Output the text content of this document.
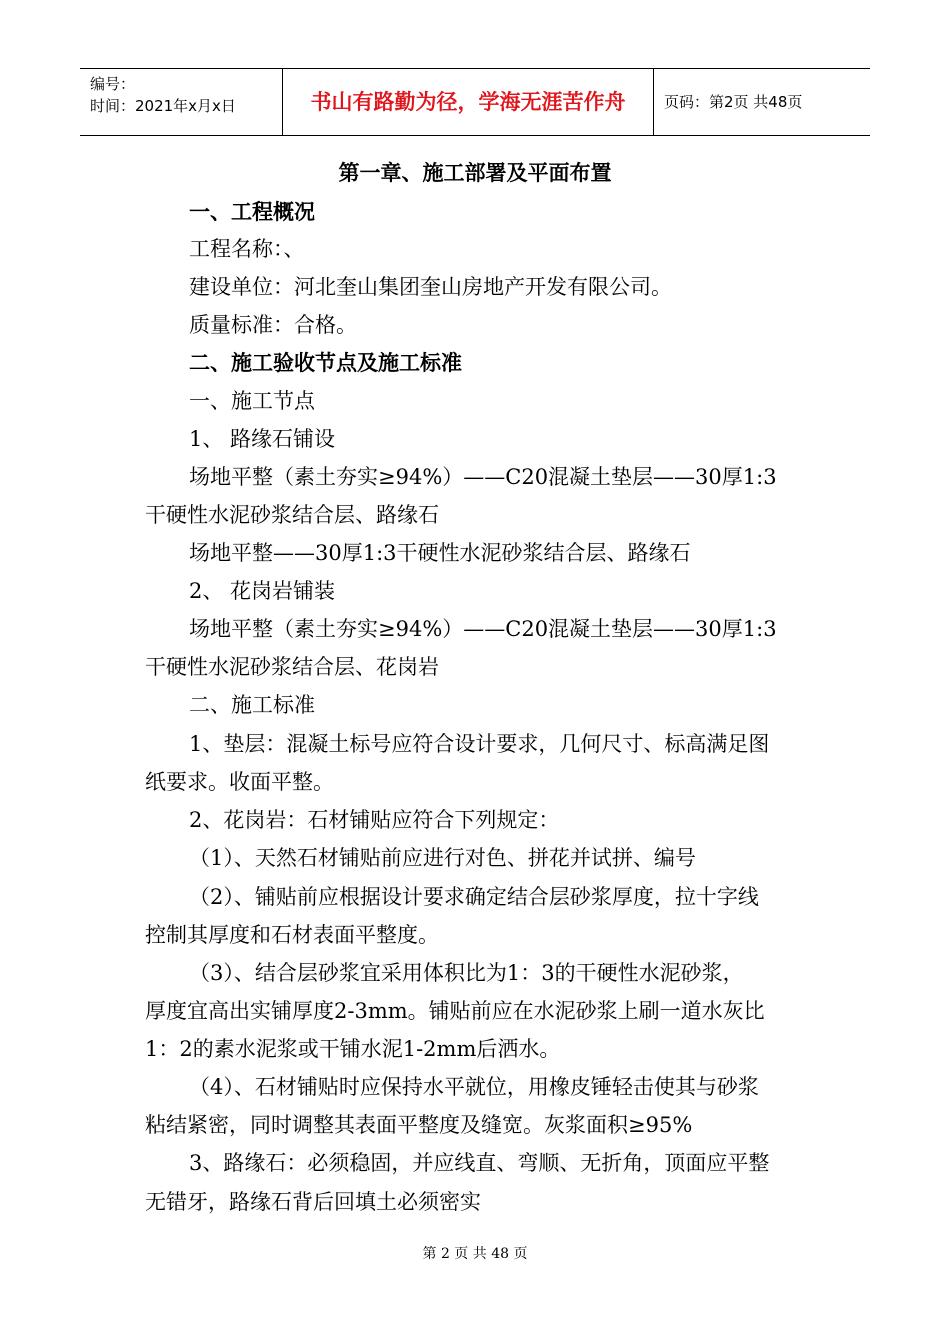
编号：
时间：2021年x月x日	书山有路勤为径，学海无涯苦作舟	页码：第2页 共48页
第一章、施工部署及平面布置
一、工程概况
工程名称：、
建设单位：河北奎山集团奎山房地产开发有限公司。
质量标准：合格。
二、施工验收节点及施工标准
一、施工节点
1、 路缘石铺设
场地平整（素土夯实≥94%）——C20混凝土垫层——30厚1:3
干硬性水泥砂浆结合层、路缘石
场地平整——30厚1:3干硬性水泥砂浆结合层、路缘石
2、 花岗岩铺装
场地平整（素土夯实≥94%）——C20混凝土垫层——30厚1:3
干硬性水泥砂浆结合层、花岗岩
二、施工标准
1、垫层：混凝土标号应符合设计要求，几何尺寸、标高满足图
纸要求。收面平整。
2、花岗岩：石材铺贴应符合下列规定：
（1）、天然石材铺贴前应进行对色、拼花并试拼、编号
（2）、铺贴前应根据设计要求确定结合层砂浆厚度，拉十字线
控制其厚度和石材表面平整度。
（3）、结合层砂浆宜采用体积比为1：3的干硬性水泥砂浆，
厚度宜高出实铺厚度2-3mm。铺贴前应在水泥砂浆上刷一道水灰比
1：2的素水泥浆或干铺水泥1-2mm后洒水。
（4）、石材铺贴时应保持水平就位，用橡皮锤轻击使其与砂浆
粘结紧密，同时调整其表面平整度及缝宽。灰浆面积≥95%
3、路缘石：必须稳固，并应线直、弯顺、无折角，顶面应平整
无错牙，路缘石背后回填土必须密实
第 2 页 共 48 页
